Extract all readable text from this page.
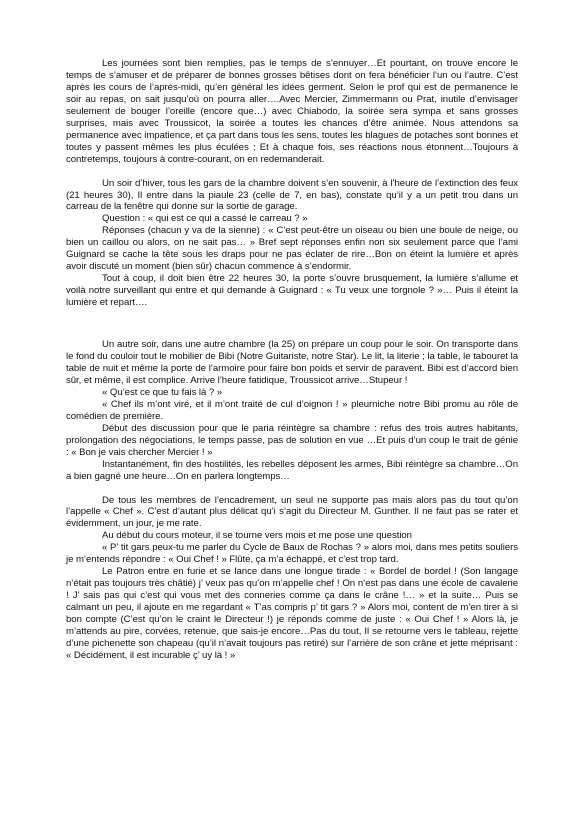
Les journées sont bien remplies, pas le temps de s’ennuyer…Et pourtant, on trouve encore le temps de s’amuser et de préparer de bonnes grosses bêtises dont on fera bénéficier l’un ou l’autre. C’est après les cours de l’après-midi, qu’en général les idées germent. Selon le prof qui est de permanence le soir au repas, on sait jusqu’où on pourra aller….Avec Mercier, Zimmermann ou Prat, inutile d’envisager seulement de bouger l’oreille (encore que…) avec Chiabodo, la soirée sera sympa et sans grosses surprises, mais avec Troussicot, la soirée a toutes les chances d’être animée. Nous attendons sa permanence avec impatience, et ça part dans tous les sens, toutes les blagues de potaches sont bonnes et toutes y passent mêmes les plus éculées ; Et à chaque fois, ses réactions nous étonnent…Toujours à contretemps, toujours à contre-courant, on en redemanderait.

Un soir d’hiver, tous les gars de la chambre doivent s’en souvenir, à l’heure de l’extinction des feux (21 heures 30), Il entre dans la piaule 23 (celle de 7, en bas), constate qu’il y a un petit trou dans un carreau de la fenêtre qui donne sur la sortie de garage.

Question : « qui est ce qui a cassé le carreau ? »

Réponses (chacun y va de la sienne) : « C’est peut-être un oiseau ou bien une boule de neige, ou bien un caillou ou alors, on ne sait pas… » Bref sept réponses enfin non six seulement parce que l’ami Guignard se cache la tête sous les draps pour ne pas éclater de rire…Bon on éteint la lumière et après avoir discuté un moment (bien sûr) chacun commence à s’endormir.

Tout à coup, il doit bien être 22 heures 30, la porte s’ouvre brusquement, la lumière s’allume et voilà notre surveillant qui entre et qui demande à Guignard : « Tu veux une torgnole ? »… Puis il éteint la lumière et repart….

Un autre soir, dans une autre chambre (la 25) on prépare un coup pour le soir. On transporte dans le fond du couloir tout le mobilier de Bibi (Notre Guitariste, notre Star). Le lit, la literie ; la table, le tabouret la table de nuit et même la porte de l’armoire pour faire bon poids et servir de paravent. Bibi est d’accord bien sûr, et même, il est complice. Arrive l’heure fatidique, Troussicot arrive…Stupeur !

« Qu’est ce que tu fais là ? »

« Chef ils m’ont viré, et il m’ont traité de cul d’oignon ! » pleurniche notre Bibi promu au rôle de comédien de première.

Début des discussion pour que le paria réintègre sa chambre : refus des trois autres habitants, prolongation des négociations, le temps passe, pas de solution en vue …Et puis d’un coup le trait de génie : « Bon je vais chercher Mercier ! »

Instantanément, fin des hostilités, les rebelles déposent les armes, Bibi réintègre sa chambre…On a bien gagné une heure…On en parlera longtemps…

De tous les membres de l’encadrement, un seul ne supporte pas mais alors pas du tout qu’on l’appelle « Chef ». C’est d’autant plus délicat qu’i s’agit du Directeur M. Gunther. Il ne faut pas se rater et évidemment, un jour, je me rate.

Au début du cours moteur, il se tourne vers mois et me pose une question

« P’ tit gars peux-tu me parler du Cycle de Baux de Rochas ? » alors moi, dans mes petits souliers je m’entends répondre : « Oui Chef ! » Flûte, ça m’a échappé, et c’est trop tard.

Le Patron entre en furie et se lance dans une longue tirade : « Bordel de bordel ! (Son langage n’était pas toujours très châtié) j’ veux pas qu’on m’appelle chef ! On n’est pas dans une école de cavalerie ! J’ sais pas qui c’est qui vous met des conneries comme ça dans le crâne !… » et la suite… Puis se calmant un peu, il ajoute en me regardant « T’as compris p’ tit gars ? » Alors moi, content de m’en tirer à si bon compte (C’est qu’on le craint le Directeur !) je réponds comme de juste : « Oui Chef ! » Alors là, je m’attends au pire, corvées, retenue, que sais-je encore…Pas du tout, Il se retourne vers le tableau, rejette d’une pichenette son chapeau (qu’il n’avait toujours pas retiré) sur l’arrière de son crâne et jette méprisant : « Décidément, il est incurable ç’ uy là ! »
